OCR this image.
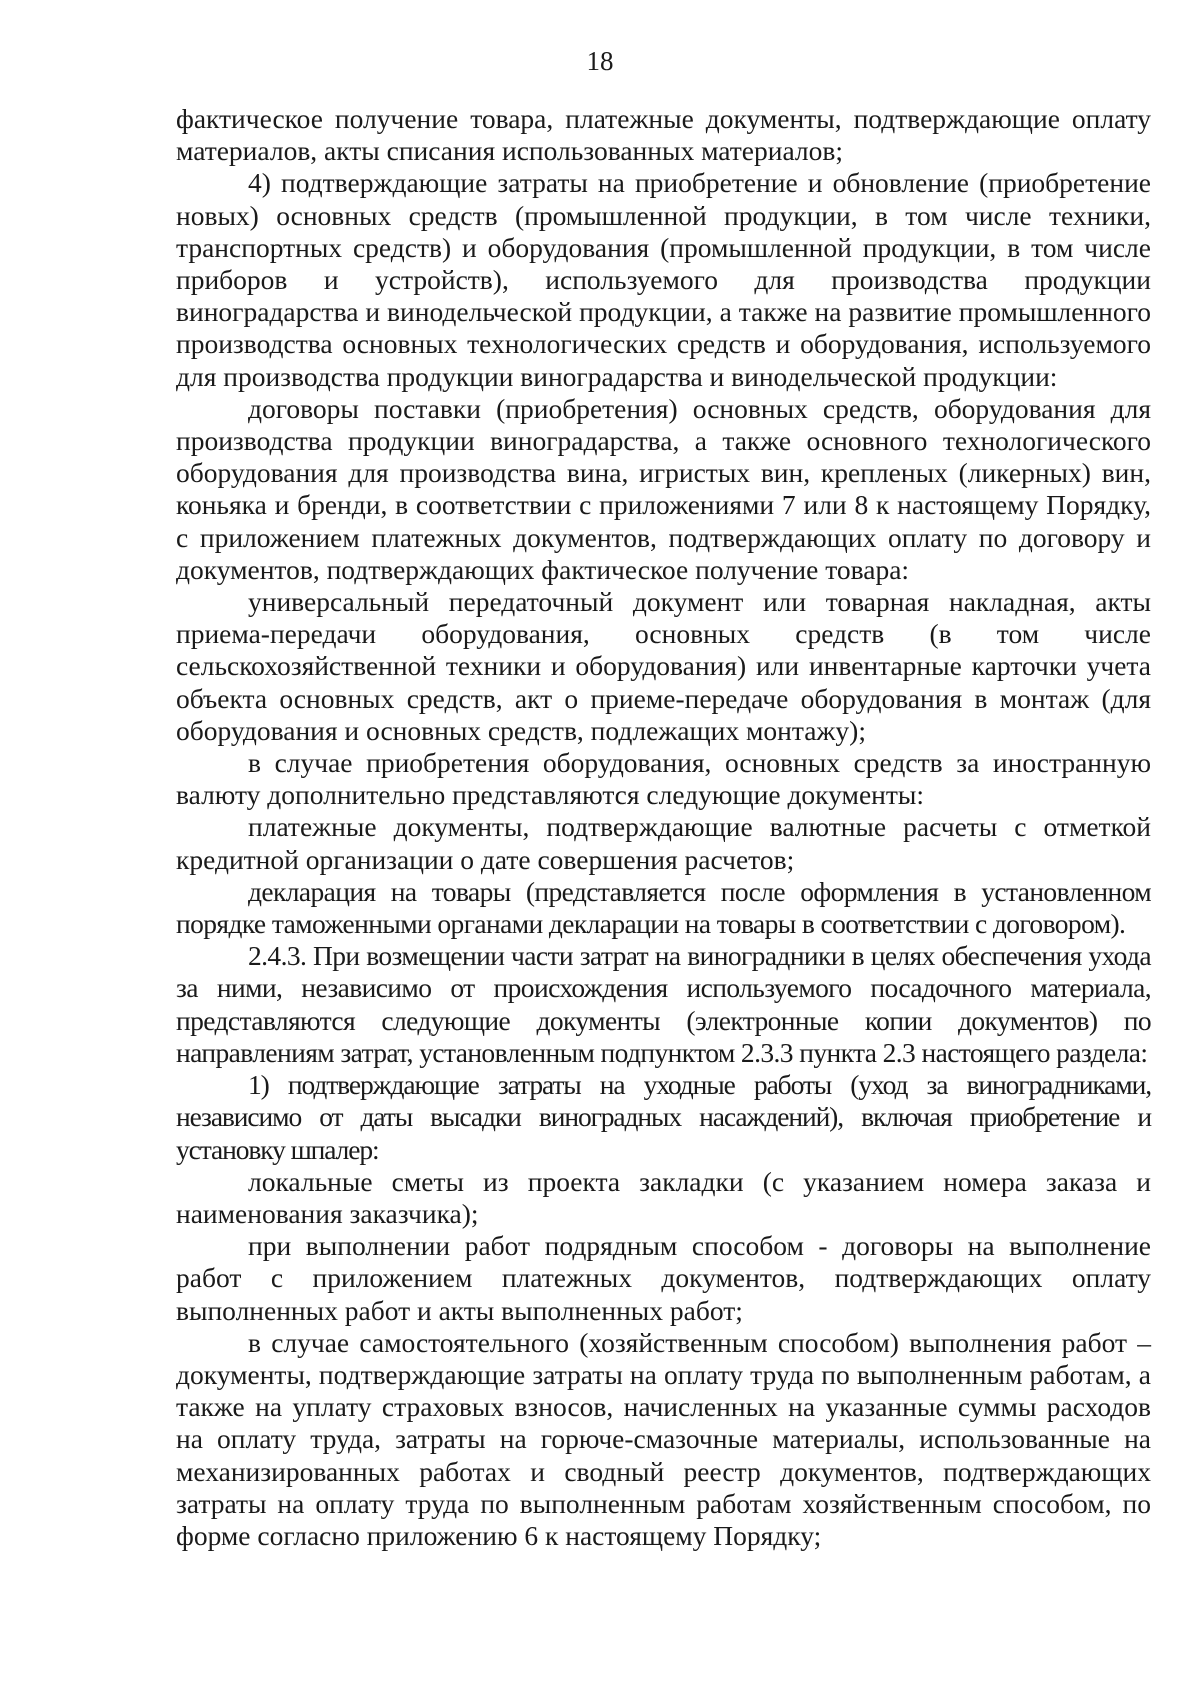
18

фактическое получение товара, платежные документы, подтверждающие оплату материалов, акты списания использованных материалов;

4) подтверждающие затраты на приобретение и обновление (приобретение новых) основных средств (промышленной продукции, в том числе техники, транспортных средств) и оборудования (промышленной продукции, в том числе приборов и устройств), используемого для производства продукции виноградарства и винодельческой продукции, а также на развитие промышленного производства основных технологических средств и оборудования, используемого для производства продукции виноградарства и винодельческой продукции:

договоры поставки (приобретения) основных средств, оборудования для производства продукции виноградарства, а также основного технологического оборудования для производства вина, игристых вин, крепленых (ликерных) вин, коньяка и бренди, в соответствии с приложениями 7 или 8 к настоящему Порядку, с приложением платежных документов, подтверждающих оплату по договору и документов, подтверждающих фактическое получение товара:

универсальный передаточный документ или товарная накладная, акты приема-передачи оборудования, основных средств (в том числе сельскохозяйственной техники и оборудования) или инвентарные карточки учета объекта основных средств, акт о приеме-передаче оборудования в монтаж (для оборудования и основных средств, подлежащих монтажу);

в случае приобретения оборудования, основных средств за иностранную валюту дополнительно представляются следующие документы:

платежные документы, подтверждающие валютные расчеты с отметкой кредитной организации о дате совершения расчетов;

декларация на товары (представляется после оформления в установленном порядке таможенными органами декларации на товары в соответствии с договором).

2.4.3. При возмещении части затрат на виноградники в целях обеспечения ухода за ними, независимо от происхождения используемого посадочного материала, представляются следующие документы (электронные копии документов) по направлениям затрат, установленным подпунктом 2.3.3 пункта 2.3 настоящего раздела:

1) подтверждающие затраты на уходные работы (уход за виноградниками, независимо от даты высадки виноградных насаждений), включая приобретение и установку шпалер:

локальные сметы из проекта закладки (с указанием номера заказа и наименования заказчика);

при выполнении работ подрядным способом - договоры на выполнение работ с приложением платежных документов, подтверждающих оплату выполненных работ и акты выполненных работ;

в случае самостоятельного (хозяйственным способом) выполнения работ – документы, подтверждающие затраты на оплату труда по выполненным работам, а также на уплату страховых взносов, начисленных на указанные суммы расходов на оплату труда, затраты на горюче-смазочные материалы, использованные на механизированных работах и сводный реестр документов, подтверждающих затраты на оплату труда по выполненным работам хозяйственным способом, по форме согласно приложению 6 к настоящему Порядку;
